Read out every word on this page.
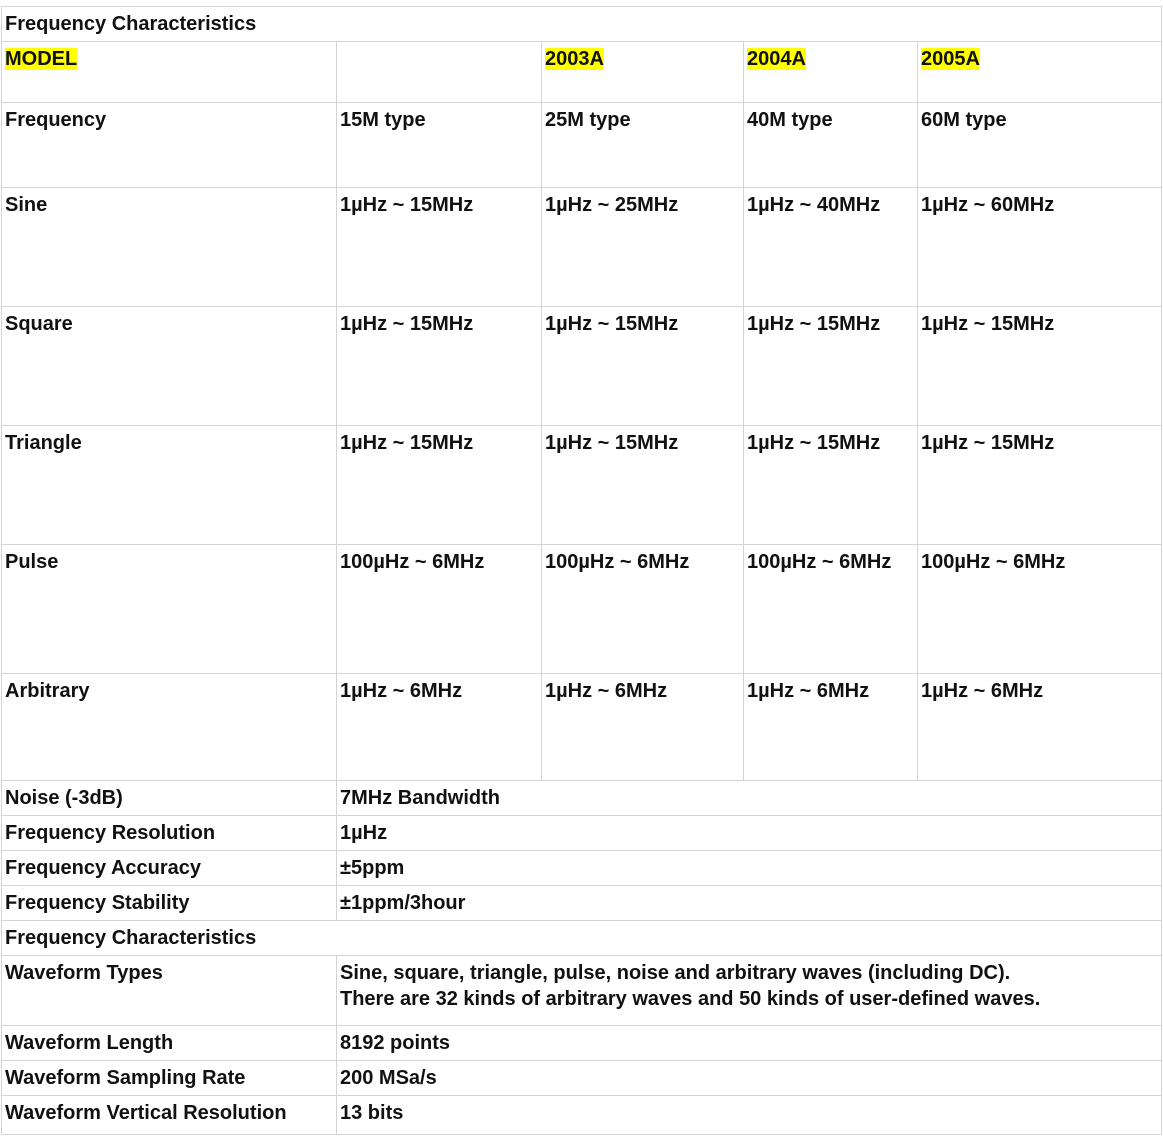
Frequency Characteristics				
MODEL		2003A	2004A	2005A
Frequency	15M type	25M type	40M type	60M type
Sine	1µHz ~ 15MHz	1µHz ~ 25MHz	1µHz ~ 40MHz	1µHz ~ 60MHz
Square	1µHz ~ 15MHz	1µHz ~ 15MHz	1µHz ~ 15MHz	1µHz ~ 15MHz
Triangle	1µHz ~ 15MHz	1µHz ~ 15MHz	1µHz ~ 15MHz	1µHz ~ 15MHz
Pulse	100µHz ~ 6MHz	100µHz ~ 6MHz	100µHz ~ 6MHz	100µHz ~ 6MHz
Arbitrary	1µHz ~ 6MHz	1µHz ~ 6MHz	1µHz ~ 6MHz	1µHz ~ 6MHz
Noise (-3dB)	7MHz Bandwidth			
Frequency Resolution	1µHz			
Frequency Accuracy	±5ppm			
Frequency Stability	±1ppm/3hour			
Frequency Characteristics				
Waveform Types	Sine, square, triangle, pulse, noise and arbitrary waves (including DC).
There are 32 kinds of arbitrary waves and 50 kinds of user-defined waves.			

Waveform Length	8192 points			
Waveform Sampling Rate	200 MSa/s			
Waveform Vertical Resolution	13 bits			
